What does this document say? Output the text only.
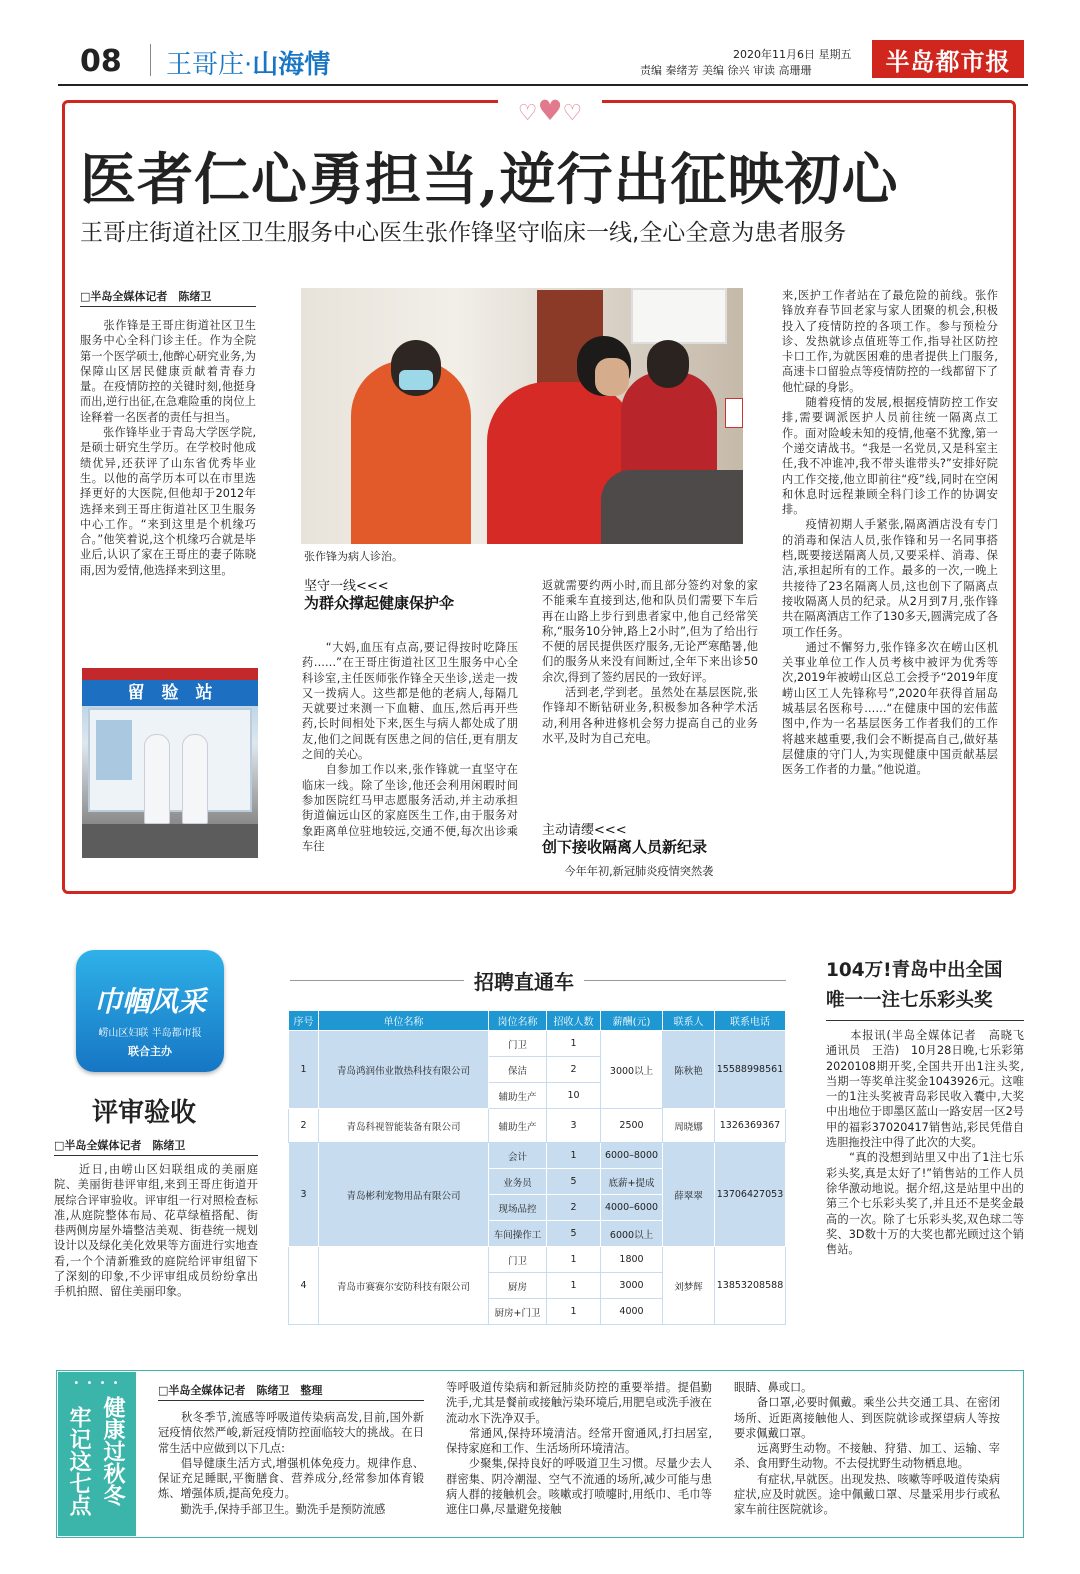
08 王哥庄·山海情	2020年11月6日 星期五
责编 秦绪芳 美编 徐兴 审读 高珊珊	半岛都市报
♡♥♡
医者仁心勇担当,逆行出征映初心
王哥庄街道社区卫生服务中心医生张作锋坚守临床一线,全心全意为患者服务
□半岛全媒体记者　陈绪卫
　　张作锋是王哥庄街道社区卫生服务中心全科门诊主任。作为全院第一个医学硕士,他醉心研究业务,为保障山区居民健康贡献着青春力量。在疫情防控的关键时刻,他挺身而出,逆行出征,在急难险重的岗位上诠释着一名医者的责任与担当。
　　张作锋毕业于青岛大学医学院,是硕士研究生学历。在学校时他成绩优异,还获评了山东省优秀毕业生。以他的高学历本可以在市里选择更好的大医院,但他却于2012年选择来到王哥庄街道社区卫生服务中心工作。“来到这里是个机缘巧合。”他笑着说,这个机缘巧合就是毕业后,认识了家在王哥庄的妻子陈晓雨,因为爱情,他选择来到这里。
留　验　站
张作锋为病人诊治。
坚守一线<<<
为群众撑起健康保护伞
　　“大妈,血压有点高,要记得按时吃降压药……”在王哥庄街道社区卫生服务中心全科诊室,主任医师张作锋全天坐诊,送走一拨又一拨病人。这些都是他的老病人,每隔几天就要过来测一下血糖、血压,然后再开些药,长时间相处下来,医生与病人都处成了朋友,他们之间既有医患之间的信任,更有朋友之间的关心。
　　自参加工作以来,张作锋就一直坚守在临床一线。除了坐诊,他还会利用闲暇时间参加医院红马甲志愿服务活动,并主动承担街道偏远山区的家庭医生工作,由于服务对象距离单位驻地较远,交通不便,每次出诊乘车往
返就需要约两小时,而且部分签约对象的家不能乘车直接到达,他和队员们需要下车后再在山路上步行到患者家中,他自己经常笑称,“服务10分钟,路上2小时”,但为了给出行不便的居民提供医疗服务,无论严寒酷暑,他们的服务从来没有间断过,全年下来出诊50余次,得到了签约居民的一致好评。
　　活到老,学到老。虽然处在基层医院,张作锋却不断钻研业务,积极参加各种学术活动,利用各种进修机会努力提高自己的业务水平,及时为自己充电。
主动请缨<<<
创下接收隔离人员新纪录
　　今年年初,新冠肺炎疫情突然袭
来,医护工作者站在了最危险的前线。张作锋放弃春节回老家与家人团聚的机会,积极投入了疫情防控的各项工作。参与预检分诊、发热就诊点值班等工作,指导社区防控卡口工作,为就医困难的患者提供上门服务,高速卡口留验点等疫情防控的一线都留下了他忙碌的身影。
　　随着疫情的发展,根据疫情防控工作安排,需要调派医护人员前往统一隔离点工作。面对险峻未知的疫情,他毫不犹豫,第一个递交请战书。“我是一名党员,又是科室主任,我不冲谁冲,我不带头谁带头?”安排好院内工作交接,他立即前往“疫”线,同时在空闲和休息时远程兼顾全科门诊工作的协调安排。
　　疫情初期人手紧张,隔离酒店没有专门的消毒和保洁人员,张作锋和另一名同事搭档,既要接送隔离人员,又要采样、消毒、保洁,承担起所有的工作。最多的一次,一晚上共接待了23名隔离人员,这也创下了隔离点接收隔离人员的纪录。从2月到7月,张作锋共在隔离酒店工作了130多天,圆满完成了各项工作任务。
　　通过不懈努力,张作锋多次在崂山区机关事业单位工作人员考核中被评为优秀等次,2019年被崂山区总工会授予“2019年度崂山区工人先锋称号”,2020年获得首届岛城基层名医称号……“在健康中国的宏伟蓝图中,作为一名基层医务工作者我们的工作将越来越重要,我们会不断提高自己,做好基层健康的守门人,为实现健康中国贡献基层医务工作者的力量。”他说道。
巾帼风采
崂山区妇联 半岛都市报
联合主办
评审验收
□半岛全媒体记者　陈绪卫
　　近日,由崂山区妇联组成的美丽庭院、美丽街巷评审组,来到王哥庄街道开展综合评审验收。评审组一行对照检查标准,从庭院整体布局、花草绿植搭配、街巷两侧房屋外墙整洁美观、街巷统一规划设计以及绿化美化效果等方面进行实地查看,一个个清新雅致的庭院给评审组留下了深刻的印象,不少评审组成员纷纷拿出手机拍照、留住美丽印象。
招聘直通车
序号	单位名称	岗位名称	招收人数	薪酬(元)	联系人	联系电话
1	青岛鸿润伟业散热科技有限公司	门卫	1	3000以上	陈秋艳	15588998561
		保洁	2			
		辅助生产	10			
2	青岛科视智能装备有限公司	辅助生产	3	2500	周晓娜	1326369367
3	青岛彬利宠物用品有限公司	会计	1	6000–8000	薛翠翠	13706427053
		业务员	5	底薪+提成		
		现场品控	2	4000–6000		
		车间操作工	5	6000以上		
4	青岛市赛赛尔安防科技有限公司	门卫	1	1800	刘梦辉	13853208588
		厨房	1	3000		
		厨房+门卫	1	4000		
104万!青岛中出全国
唯一一注七乐彩头奖
　　本报讯(半岛全媒体记者　高晓飞　通讯员　王浩)　10月28日晚,七乐彩第2020108期开奖,全国共开出1注头奖,当期一等奖单注奖金1043926元。这唯一的1注头奖被青岛彩民收入囊中,大奖中出地位于即墨区蓝山一路安居一区2号甲的福彩37020417销售站,彩民凭借自选胆拖投注中得了此次的大奖。
　　“真的没想到站里又中出了1注七乐彩头奖,真是太好了!”销售站的工作人员徐华激动地说。据介绍,这是站里中出的第三个七乐彩头奖了,并且还不是奖金最高的一次。除了七乐彩头奖,双色球二等奖、3D数十万的大奖也都光顾过这个销售站。
• • • •
健康过秋冬
牢记这七点
□半岛全媒体记者　陈绪卫　整理
　　秋冬季节,流感等呼吸道传染病高发,目前,国外新冠疫情依然严峻,新冠疫情防控面临较大的挑战。在日常生活中应做到以下几点:
　　倡导健康生活方式,增强机体免疫力。规律作息、保证充足睡眠,平衡膳食、营养成分,经常参加体育锻炼、增强体质,提高免疫力。
　　勤洗手,保持手部卫生。勤洗手是预防流感
等呼吸道传染病和新冠肺炎防控的重要举措。提倡勤洗手,尤其是餐前或接触污染环境后,用肥皂或洗手液在流动水下洗净双手。
　　常通风,保持环境清洁。经常开窗通风,打扫居室,保持家庭和工作、生活场所环境清洁。
　　少聚集,保持良好的呼吸道卫生习惯。尽量少去人群密集、阴冷潮湿、空气不流通的场所,减少可能与患病人群的接触机会。咳嗽或打喷嚏时,用纸巾、毛巾等遮住口鼻,尽量避免接触
眼睛、鼻或口。
　　备口罩,必要时佩戴。乘坐公共交通工具、在密闭场所、近距离接触他人、到医院就诊或探望病人等按要求佩戴口罩。
　　远离野生动物。不接触、狩猎、加工、运输、宰杀、食用野生动物。不去侵扰野生动物栖息地。
　　有症状,早就医。出现发热、咳嗽等呼吸道传染病症状,应及时就医。途中佩戴口罩、尽量采用步行或私家车前往医院就诊。
